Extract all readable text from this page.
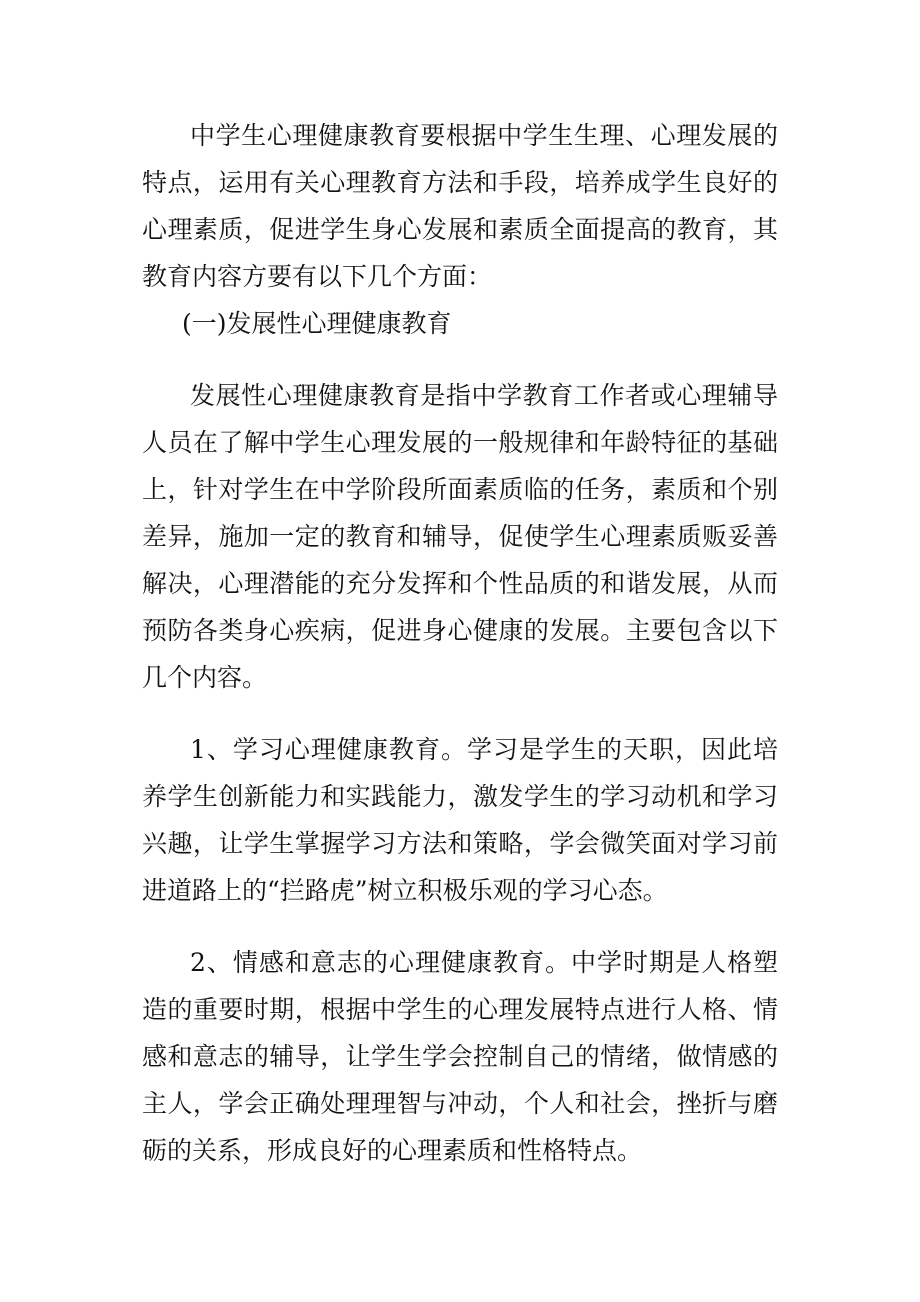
中学生心理健康教育要根据中学生生理、心理发展的特点，运用有关心理教育方法和手段，培养成学生良好的心理素质，促进学生身心发展和素质全面提高的教育，其教育内容方要有以下几个方面：

(一)发展性心理健康教育

发展性心理健康教育是指中学教育工作者或心理辅导人员在了解中学生心理发展的一般规律和年龄特征的基础上，针对学生在中学阶段所面素质临的任务，素质和个别差异，施加一定的教育和辅导，促使学生心理素质贩妥善解决，心理潜能的充分发挥和个性品质的和谐发展，从而预防各类身心疾病，促进身心健康的发展。主要包含以下几个内容。

1、学习心理健康教育。学习是学生的天职，因此培养学生创新能力和实践能力，激发学生的学习动机和学习兴趣，让学生掌握学习方法和策略，学会微笑面对学习前进道路上的“拦路虎”树立积极乐观的学习心态。

2、情感和意志的心理健康教育。中学时期是人格塑造的重要时期，根据中学生的心理发展特点进行人格、情感和意志的辅导，让学生学会控制自己的情绪，做情感的主人，学会正确处理理智与冲动，个人和社会，挫折与磨砺的关系，形成良好的心理素质和性格特点。
